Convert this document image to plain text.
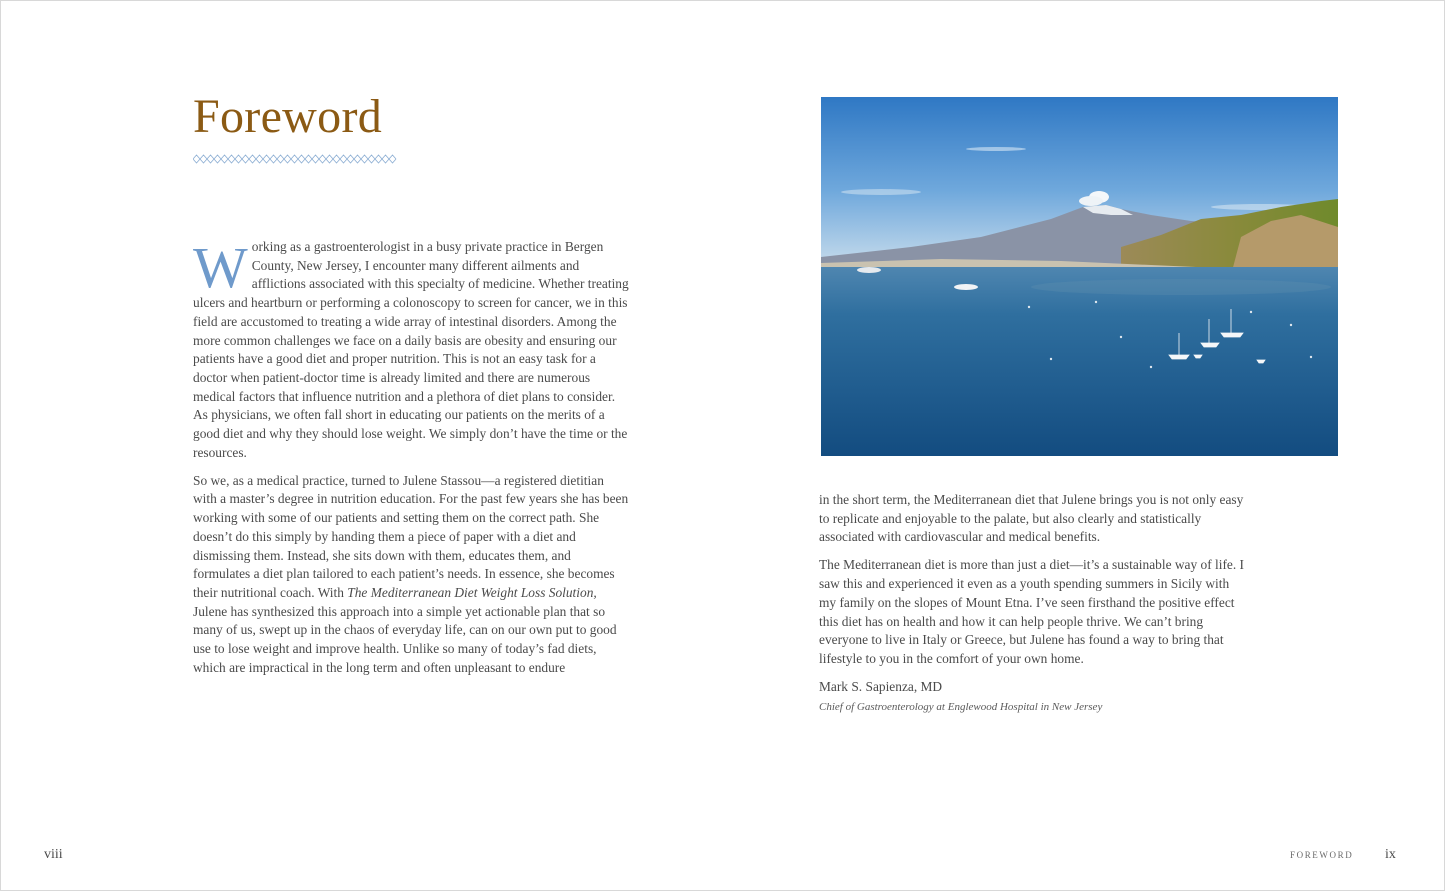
Foreword

Working as a gastroenterologist in a busy private practice in Bergen County, New Jersey, I encounter many different ailments and afflictions associated with this specialty of medicine. Whether treating ulcers and heartburn or performing a colonoscopy to screen for cancer, we in this field are accustomed to treating a wide array of intestinal disorders. Among the more common challenges we face on a daily basis are obesity and ensuring our patients have a good diet and proper nutrition. This is not an easy task for a doctor when patient-doctor time is already limited and there are numerous medical factors that influence nutrition and a plethora of diet plans to consider. As physicians, we often fall short in educating our patients on the merits of a good diet and why they should lose weight. We simply don’t have the time or the resources.

So we, as a medical practice, turned to Julene Stassou—a registered dietitian with a master’s degree in nutrition education. For the past few years she has been working with some of our patients and setting them on the correct path. She doesn’t do this simply by handing them a piece of paper with a diet and dismissing them. Instead, she sits down with them, educates them, and formulates a diet plan tailored to each patient’s needs. In essence, she becomes their nutritional coach. With The Mediterranean Diet Weight Loss Solution, Julene has synthesized this approach into a simple yet actionable plan that so many of us, swept up in the chaos of everyday life, can on our own put to good use to lose weight and improve health. Unlike so many of today’s fad diets, which are impractical in the long term and often unpleasant to endure

in the short term, the Mediterranean diet that Julene brings you is not only easy to replicate and enjoyable to the palate, but also clearly and statistically associated with cardiovascular and medical benefits.

The Mediterranean diet is more than just a diet—it’s a sustainable way of life. I saw this and experienced it even as a youth spending summers in Sicily with my family on the slopes of Mount Etna. I’ve seen firsthand the positive effect this diet has on health and how it can help people thrive. We can’t bring everyone to live in Italy or Greece, but Julene has found a way to bring that lifestyle to you in the comfort of your own home.

Mark S. Sapienza, MD

Chief of Gastroenterology at Englewood Hospital in New Jersey

viii	FOREWORD ix
